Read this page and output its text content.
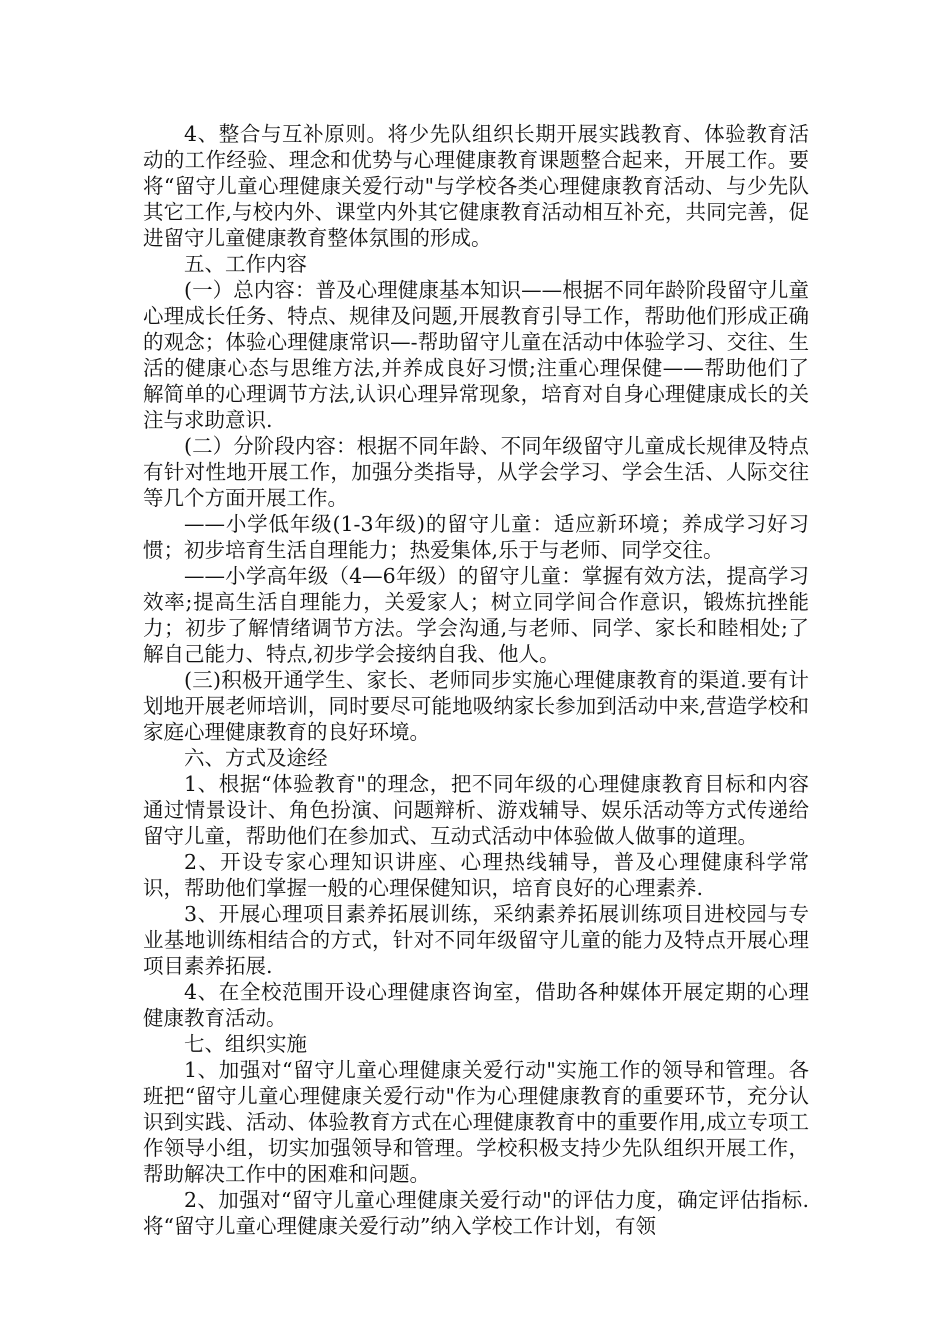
4、整合与互补原则。将少先队组织长期开展实践教育、体验教育活动的工作经验、理念和优势与心理健康教育课题整合起来，开展工作。要将“留守儿童心理健康关爱行动"与学校各类心理健康教育活动、与少先队其它工作,与校内外、课堂内外其它健康教育活动相互补充，共同完善，促进留守儿童健康教育整体氛围的形成。

五、工作内容

(一）总内容：普及心理健康基本知识——根据不同年龄阶段留守儿童心理成长任务、特点、规律及问题,开展教育引导工作，帮助他们形成正确的观念；体验心理健康常识—-帮助留守儿童在活动中体验学习、交往、生活的健康心态与思维方法,并养成良好习惯;注重心理保健——帮助他们了解简单的心理调节方法,认识心理异常现象，培育对自身心理健康成长的关注与求助意识.

(二）分阶段内容：根据不同年龄、不同年级留守儿童成长规律及特点有针对性地开展工作，加强分类指导，从学会学习、学会生活、人际交往等几个方面开展工作。

——小学低年级(1-3年级)的留守儿童：适应新环境；养成学习好习惯；初步培育生活自理能力；热爱集体,乐于与老师、同学交往。

——小学高年级（4—6年级）的留守儿童：掌握有效方法，提高学习效率;提高生活自理能力，关爱家人；树立同学间合作意识，锻炼抗挫能力；初步了解情绪调节方法。学会沟通,与老师、同学、家长和睦相处;了解自己能力、特点,初步学会接纳自我、他人。

(三)积极开通学生、家长、老师同步实施心理健康教育的渠道.要有计划地开展老师培训，同时要尽可能地吸纳家长参加到活动中来,营造学校和家庭心理健康教育的良好环境。

六、方式及途经

1、根据“体验教育"的理念，把不同年级的心理健康教育目标和内容通过情景设计、角色扮演、问题辩析、游戏辅导、娱乐活动等方式传递给留守儿童，帮助他们在参加式、互动式活动中体验做人做事的道理。

2、开设专家心理知识讲座、心理热线辅导，普及心理健康科学常识，帮助他们掌握一般的心理保健知识，培育良好的心理素养.

3、开展心理项目素养拓展训练，采纳素养拓展训练项目进校园与专业基地训练相结合的方式，针对不同年级留守儿童的能力及特点开展心理项目素养拓展.

4、在全校范围开设心理健康咨询室，借助各种媒体开展定期的心理健康教育活动。

七、组织实施

1、加强对“留守儿童心理健康关爱行动"实施工作的领导和管理。各班把“留守儿童心理健康关爱行动"作为心理健康教育的重要环节，充分认识到实践、活动、体验教育方式在心理健康教育中的重要作用,成立专项工作领导小组，切实加强领导和管理。学校积极支持少先队组织开展工作，帮助解决工作中的困难和问题。

2、加强对“留守儿童心理健康关爱行动"的评估力度，确定评估指标.将“留守儿童心理健康关爱行动”纳入学校工作计划，有领
